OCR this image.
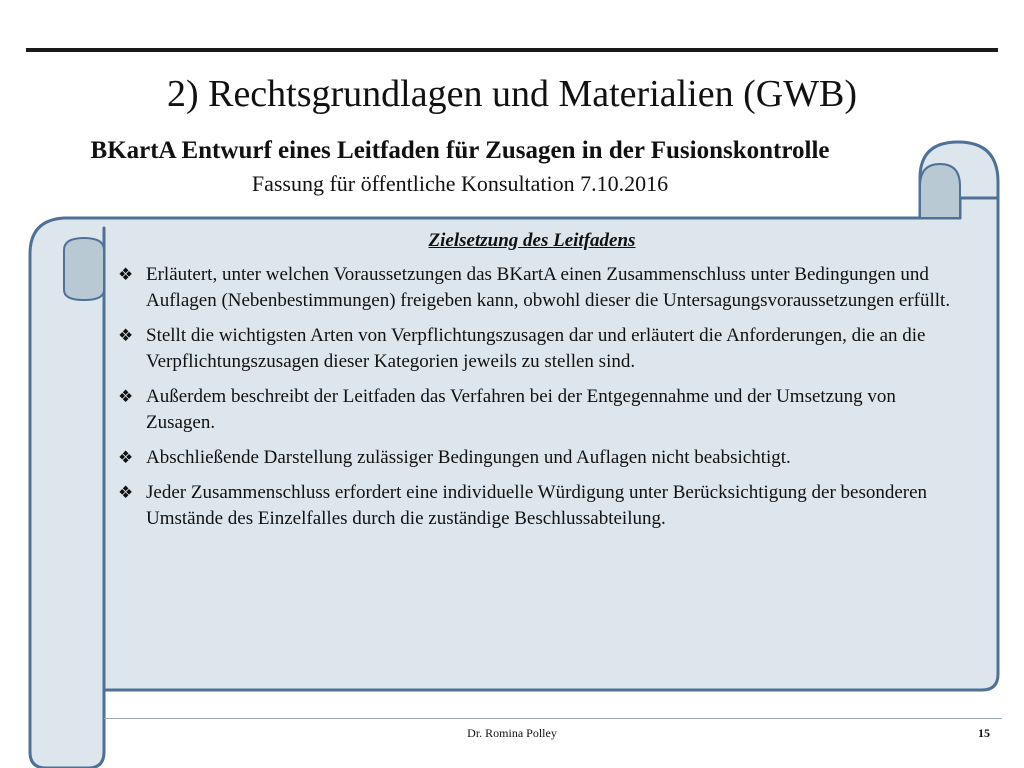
2) Rechtsgrundlagen und Materialien (GWB)
BKartA Entwurf eines Leitfaden für Zusagen in der Fusionskontrolle
Fassung für öffentliche Konsultation 7.10.2016
Zielsetzung des Leitfadens
❖ Erläutert, unter welchen Voraussetzungen das BKartA einen Zusammenschluss unter Bedingungen und Auflagen (Nebenbestimmungen) freigeben kann, obwohl dieser die Untersagungsvoraussetzungen erfüllt.
❖ Stellt die wichtigsten Arten von Verpflichtungszusagen dar und erläutert die Anforderungen, die an die Verpflichtungszusagen dieser Kategorien jeweils zu stellen sind.
❖ Außerdem beschreibt der Leitfaden das Verfahren bei der Entgegennahme und der Umsetzung von Zusagen.
❖ Abschließende Darstellung zulässiger Bedingungen und Auflagen nicht beabsichtigt.
❖ Jeder Zusammenschluss erfordert eine individuelle Würdigung unter Berücksichtigung der besonderen Umstände des Einzelfalles durch die zuständige Beschlussabteilung.
Dr. Romina Polley	15
